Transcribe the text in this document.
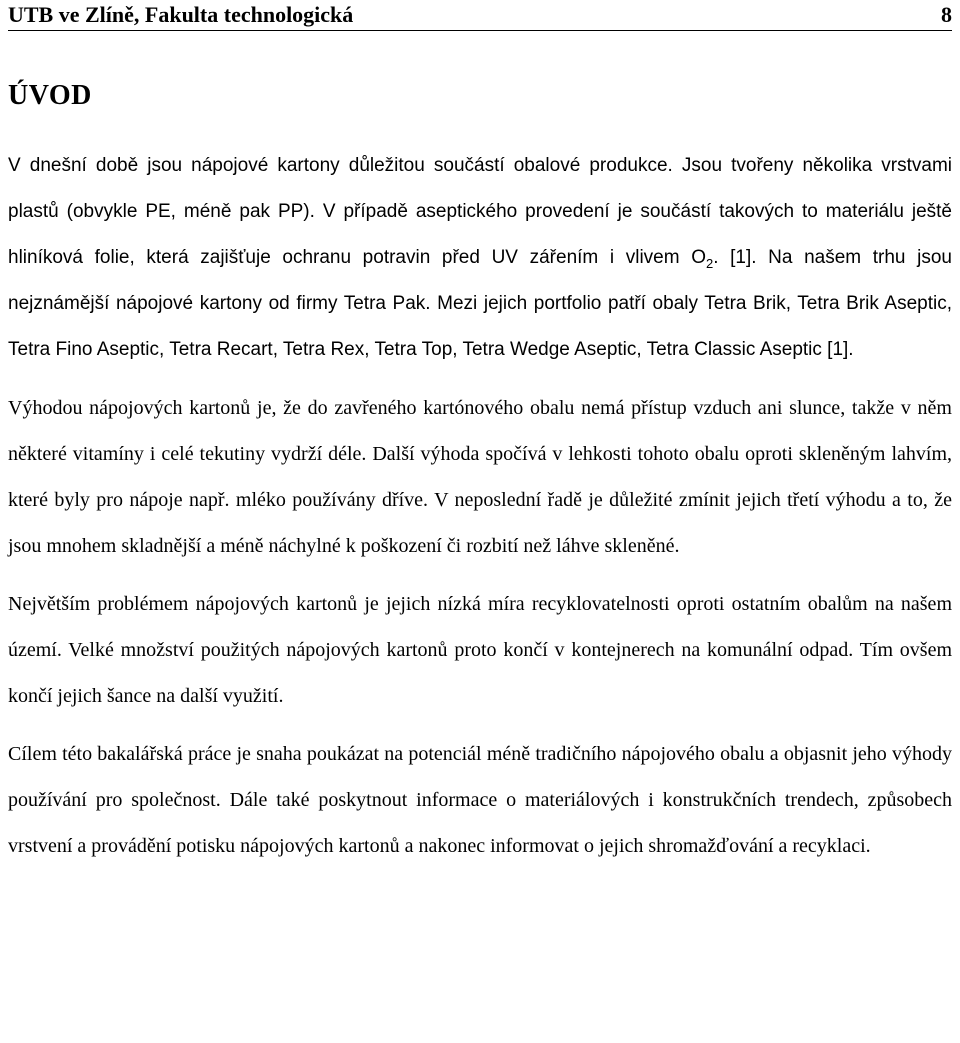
UTB ve Zlíně, Fakulta technologická	8
ÚVOD

V dnešní době jsou nápojové kartony důležitou součástí obalové produkce. Jsou tvořeny několika vrstvami plastů (obvykle PE, méně pak PP). V případě aseptického provedení je součástí takových to materiálu ještě hliníková folie, která zajišťuje ochranu potravin před UV zářením i vlivem $O_2$. [1]. Na našem trhu jsou nejznámější nápojové kartony od firmy Tetra Pak. Mezi jejich portfolio patří obaly Tetra Brik, Tetra Brik Aseptic, Tetra Fino Aseptic, Tetra Recart, Tetra Rex, Tetra Top, Tetra Wedge Aseptic, Tetra Classic Aseptic [1].

Výhodou nápojových kartonů je, že do zavřeného kartónového obalu nemá přístup vzduch ani slunce, takže v něm některé vitamíny i celé tekutiny vydrží déle. Další výhoda spočívá v lehkosti tohoto obalu oproti skleněným lahvím, které byly pro nápoje např. mléko používány dříve. V neposlední řadě je důležité zmínit jejich třetí výhodu a to, že jsou mnohem skladnější a méně náchylné k poškození či rozbití než láhve skleněné.

Největším problémem nápojových kartonů je jejich nízká míra recyklovatelnosti oproti ostatním obalům na našem území. Velké množství použitých nápojových kartonů proto končí v kontejnerech na komunální odpad. Tím ovšem končí jejich šance na další využití.

Cílem této bakalářská práce je snaha poukázat na potenciál méně tradičního nápojového obalu a objasnit jeho výhody používání pro společnost. Dále také poskytnout informace o materiálových i konstrukčních trendech, způsobech vrstvení a provádění potisku nápojových kartonů a nakonec informovat o jejich shromažďování a recyklaci.
